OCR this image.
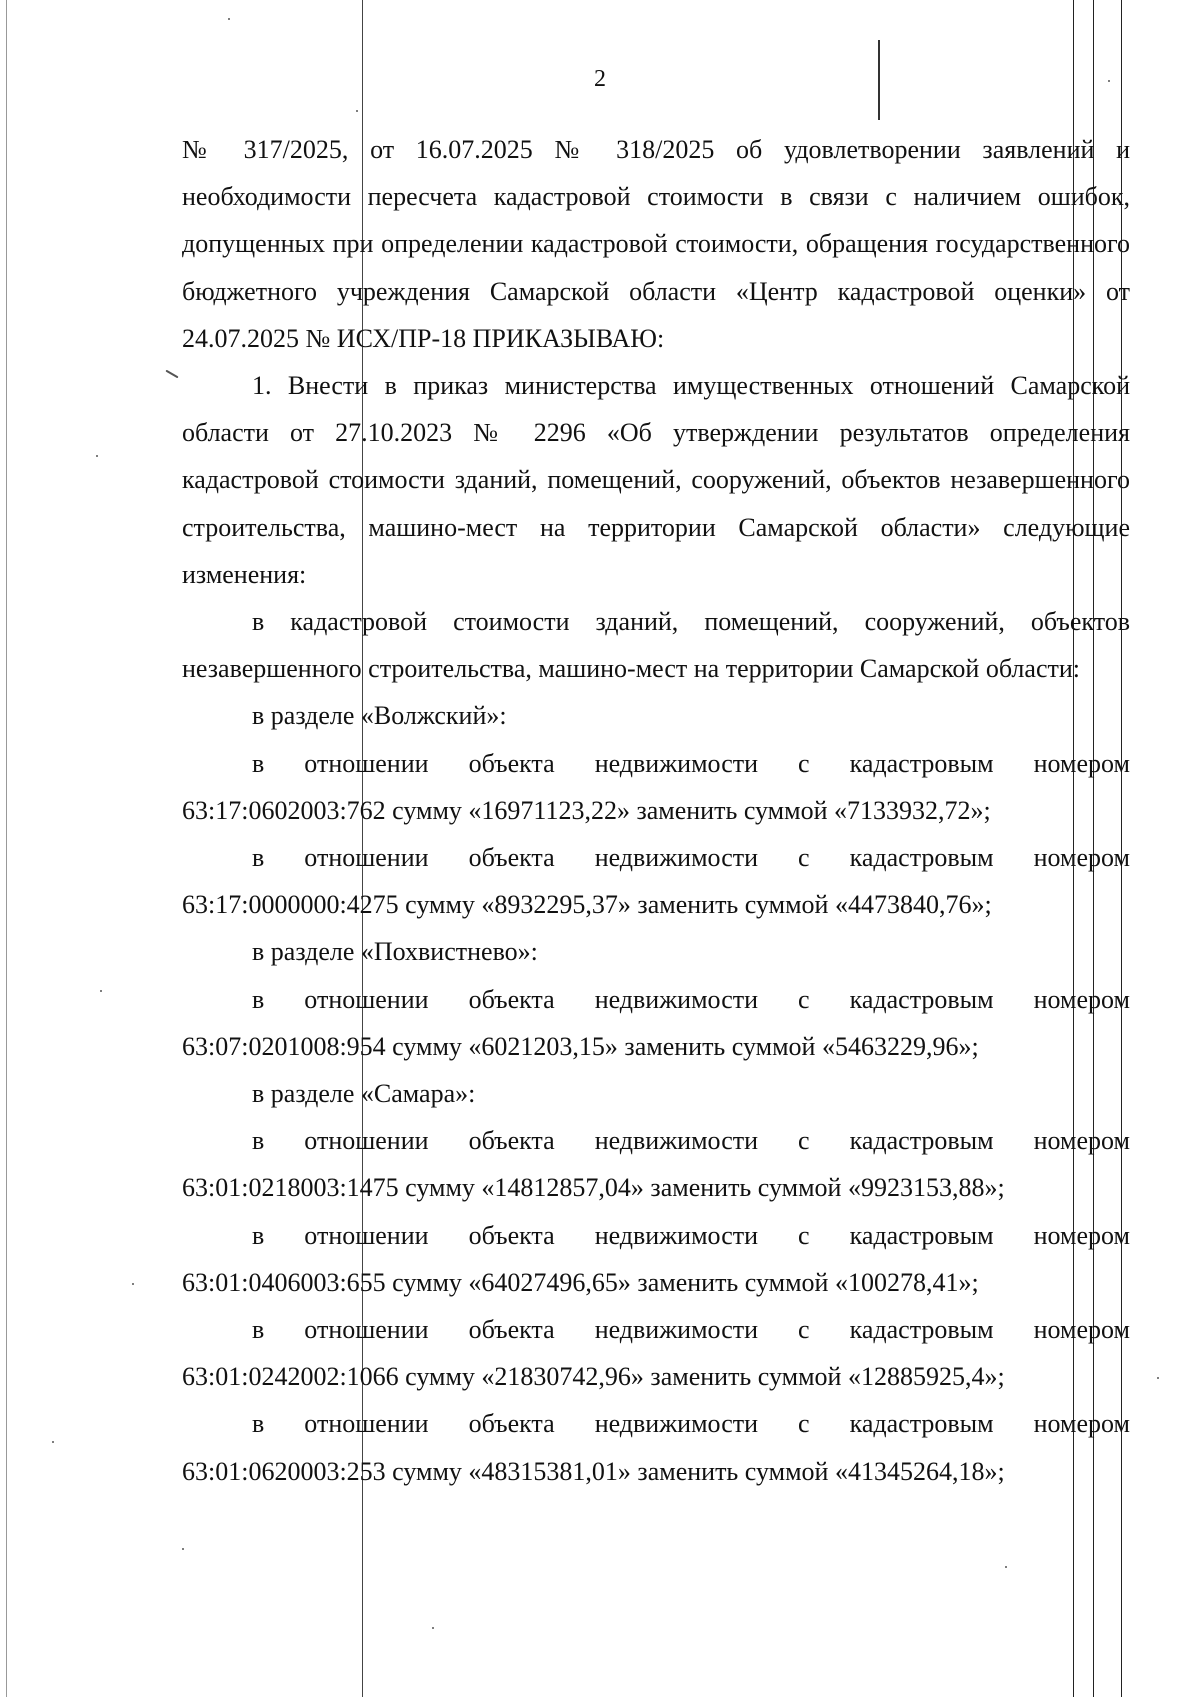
2

№ 317/2025, от 16.07.2025 № 318/2025 об удовлетворении заявлений и необходимости пересчета кадастровой стоимости в связи с наличием ошибок, допущенных при определении кадастровой стоимости, обращения государственного бюджетного учреждения Самарской области «Центр кадастровой оценки» от 24.07.2025 № ИСХ/ПР-18 ПРИКАЗЫВАЮ:

1. Внести в приказ министерства имущественных отношений Самарской области от 27.10.2023 № 2296 «Об утверждении результатов определения кадастровой стоимости зданий, помещений, сооружений, объектов незавершенного строительства, машино-мест на территории Самарской области» следующие изменения:

в кадастровой стоимости зданий, помещений, сооружений, объектов незавершенного строительства, машино-мест на территории Самарской области:

в разделе «Волжский»:

в отношении объекта недвижимости с кадастровым номером 63:17:0602003:762 сумму «16971123,22» заменить суммой «7133932,72»;

в отношении объекта недвижимости с кадастровым номером 63:17:0000000:4275 сумму «8932295,37» заменить суммой «4473840,76»;

в разделе «Похвистнево»:

в отношении объекта недвижимости с кадастровым номером 63:07:0201008:954 сумму «6021203,15» заменить суммой «5463229,96»;

в разделе «Самара»:

в отношении объекта недвижимости с кадастровым номером 63:01:0218003:1475 сумму «14812857,04» заменить суммой «9923153,88»;

в отношении объекта недвижимости с кадастровым номером 63:01:0406003:655 сумму «64027496,65» заменить суммой «100278,41»;

в отношении объекта недвижимости с кадастровым номером 63:01:0242002:1066 сумму «21830742,96» заменить суммой «12885925,4»;

в отношении объекта недвижимости с кадастровым номером 63:01:0620003:253 сумму «48315381,01» заменить суммой «41345264,18»;
